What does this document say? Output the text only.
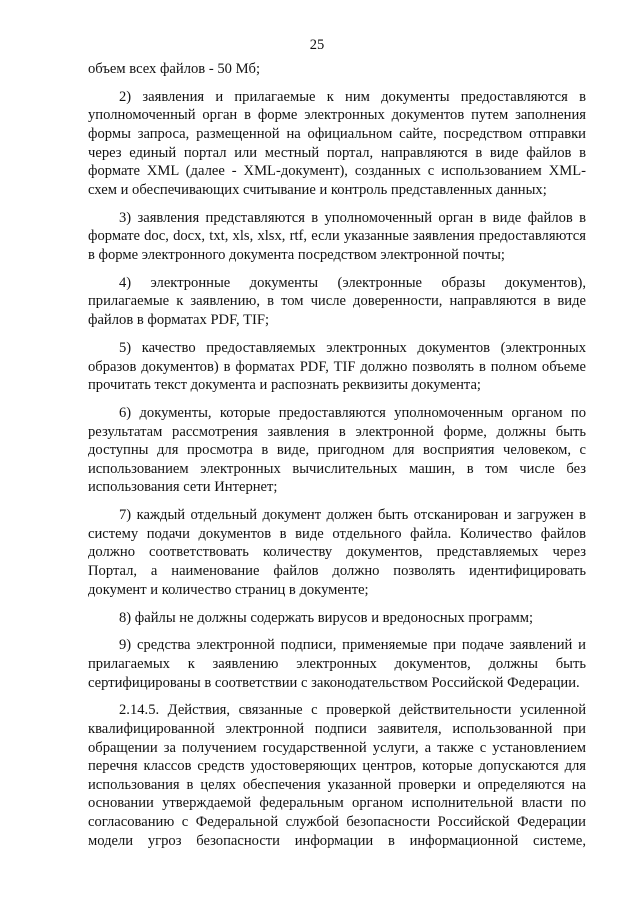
25

объем всех файлов - 50 Мб;

2) заявления и прилагаемые к ним документы предоставляются в уполномоченный орган в форме электронных документов путем заполнения формы запроса, размещенной на официальном сайте, посредством отправки через единый портал или местный портал, направляются в виде файлов в формате XML (далее - XML-документ), созданных с использованием XML-схем и обеспечивающих считывание и контроль представленных данных;

3) заявления представляются в уполномоченный орган в виде файлов в формате doc, docx, txt, xls, xlsx, rtf, если указанные заявления предоставляются в форме электронного документа посредством электронной почты;

4) электронные документы (электронные образы документов), прилагаемые к заявлению, в том числе доверенности, направляются в виде файлов в форматах PDF, TIF;

5) качество предоставляемых электронных документов (электронных образов документов) в форматах PDF, TIF должно позволять в полном объеме прочитать текст документа и распознать реквизиты документа;

6) документы, которые предоставляются уполномоченным органом по результатам рассмотрения заявления в электронной форме, должны быть доступны для просмотра в виде, пригодном для восприятия человеком, с использованием электронных вычислительных машин, в том числе без использования сети Интернет;

7) каждый отдельный документ должен быть отсканирован и загружен в систему подачи документов в виде отдельного файла. Количество файлов должно соответствовать количеству документов, представляемых через Портал, а наименование файлов должно позволять идентифицировать документ и количество страниц в документе;

8) файлы не должны содержать вирусов и вредоносных программ;

9) средства электронной подписи, применяемые при подаче заявлений и прилагаемых к заявлению электронных документов, должны быть сертифицированы в соответствии с законодательством Российской Федерации.

2.14.5. Действия, связанные с проверкой действительности усиленной квалифицированной электронной подписи заявителя, использованной при обращении за получением государственной услуги, а также с установлением перечня классов средств удостоверяющих центров, которые допускаются для использования в целях обеспечения указанной проверки и определяются на основании утверждаемой федеральным органом исполнительной власти по согласованию с Федеральной службой безопасности Российской Федерации модели угроз безопасности информации в информационной системе,
